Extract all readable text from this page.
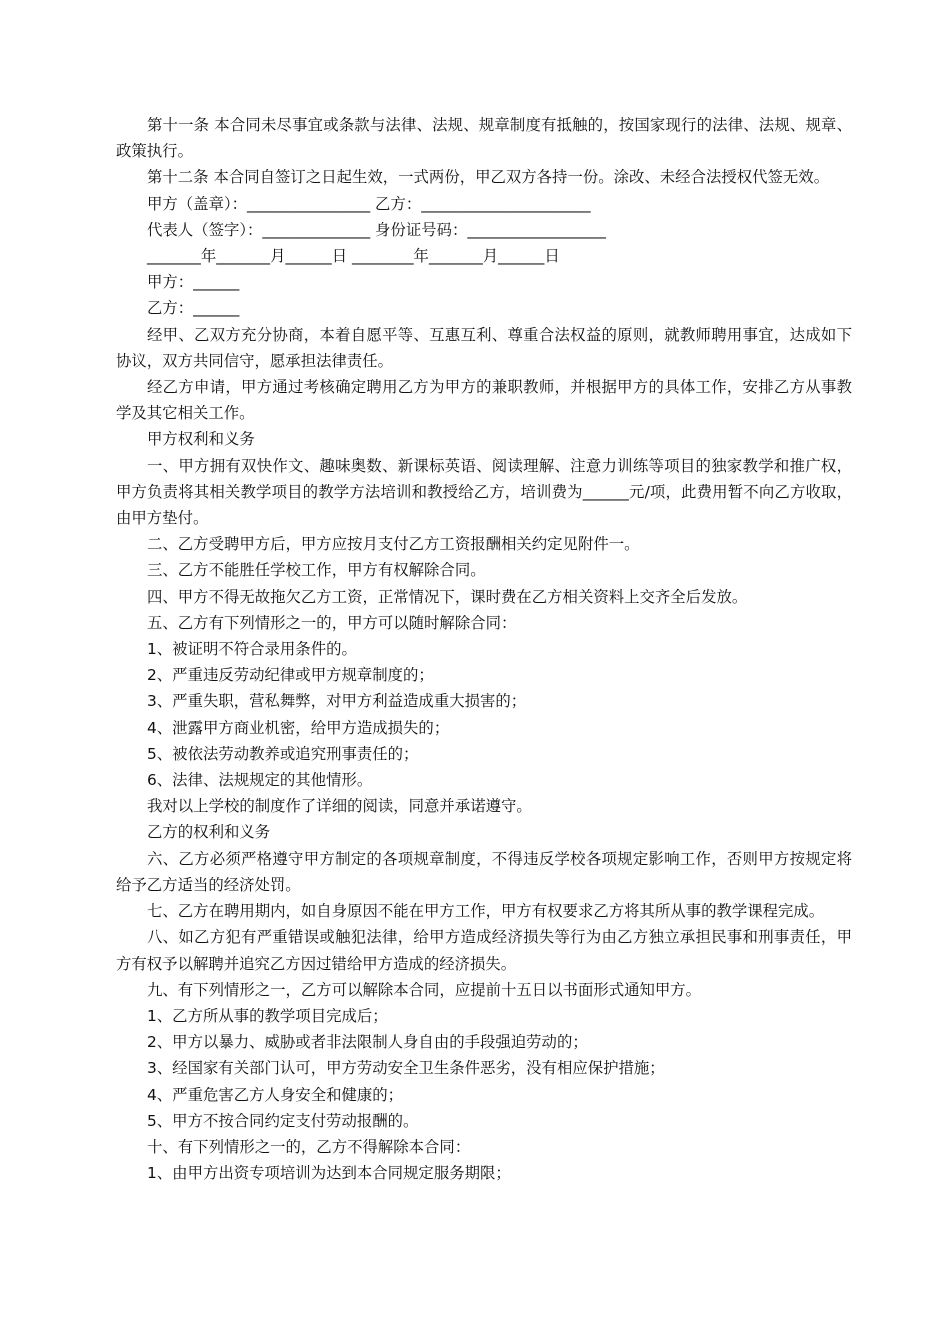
第十一条 本合同未尽事宜或条款与法律、法规、规章制度有抵触的，按国家现行的法律、法规、规章、政策执行。

第十二条 本合同自签订之日起生效，一式两份，甲乙双方各持一份。涂改、未经合法授权代签无效。

甲方（盖章）：________________ 乙方：______________________

代表人（签字）：______________ 身份证号码：__________________

_______年_______月______日 ________年_______月______日

甲方：______

乙方：______

经甲、乙双方充分协商，本着自愿平等、互惠互利、尊重合法权益的原则，就教师聘用事宜，达成如下协议，双方共同信守，愿承担法律责任。

经乙方申请，甲方通过考核确定聘用乙方为甲方的兼职教师，并根据甲方的具体工作，安排乙方从事教学及其它相关工作。

甲方权利和义务

一、甲方拥有双快作文、趣味奥数、新课标英语、阅读理解、注意力训练等项目的独家教学和推广权，甲方负责将其相关教学项目的教学方法培训和教授给乙方，培训费为______元/项，此费用暂不向乙方收取，由甲方垫付。

二、乙方受聘甲方后，甲方应按月支付乙方工资报酬相关约定见附件一。

三、乙方不能胜任学校工作，甲方有权解除合同。

四、甲方不得无故拖欠乙方工资，正常情况下，课时费在乙方相关资料上交齐全后发放。

五、乙方有下列情形之一的，甲方可以随时解除合同：

1、被证明不符合录用条件的。

2、严重违反劳动纪律或甲方规章制度的；

3、严重失职，营私舞弊，对甲方利益造成重大损害的；

4、泄露甲方商业机密，给甲方造成损失的；

5、被依法劳动教养或追究刑事责任的；

6、法律、法规规定的其他情形。

我对以上学校的制度作了详细的阅读，同意并承诺遵守。

乙方的权利和义务

六、乙方必须严格遵守甲方制定的各项规章制度，不得违反学校各项规定影响工作，否则甲方按规定将给予乙方适当的经济处罚。

七、乙方在聘用期内，如自身原因不能在甲方工作，甲方有权要求乙方将其所从事的教学课程完成。

八、如乙方犯有严重错误或触犯法律，给甲方造成经济损失等行为由乙方独立承担民事和刑事责任，甲方有权予以解聘并追究乙方因过错给甲方造成的经济损失。

九、有下列情形之一，乙方可以解除本合同，应提前十五日以书面形式通知甲方。

1、乙方所从事的教学项目完成后；

2、甲方以暴力、威胁或者非法限制人身自由的手段强迫劳动的；

3、经国家有关部门认可，甲方劳动安全卫生条件恶劣，没有相应保护措施；

4、严重危害乙方人身安全和健康的；

5、甲方不按合同约定支付劳动报酬的。

十、有下列情形之一的，乙方不得解除本合同：

1、由甲方出资专项培训为达到本合同规定服务期限；
